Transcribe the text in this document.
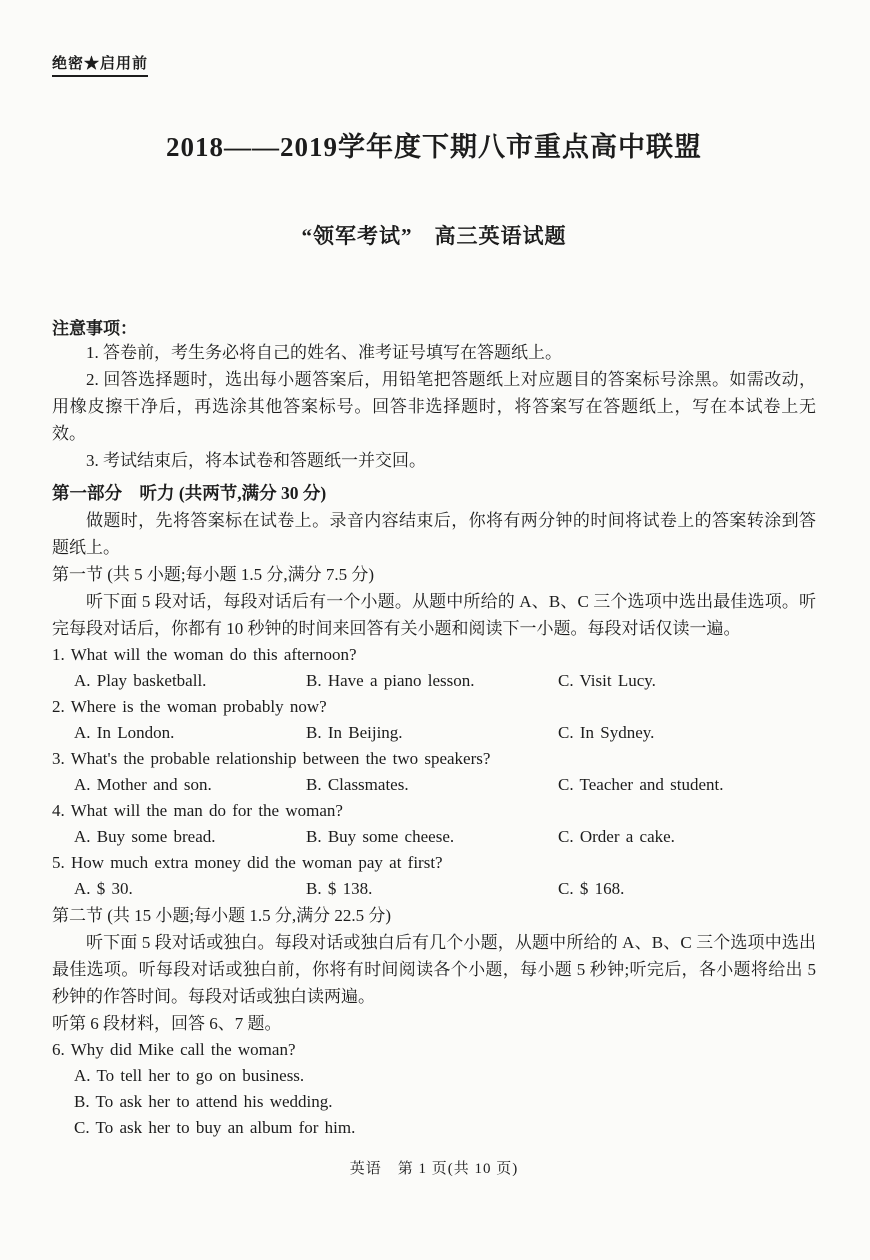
绝密★启用前
2018——2019学年度下期八市重点高中联盟
“领军考试”　高三英语试题
注意事项：

1. 答卷前，考生务必将自己的姓名、准考证号填写在答题纸上。

2. 回答选择题时，选出每小题答案后，用铅笔把答题纸上对应题目的答案标号涂黑。如需改动，用橡皮擦干净后，再选涂其他答案标号。回答非选择题时，将答案写在答题纸上，写在本试卷上无效。

3. 考试结束后，将本试卷和答题纸一并交回。

第一部分　听力 (共两节,满分 30 分)

做题时，先将答案标在试卷上。录音内容结束后，你将有两分钟的时间将试卷上的答案转涂到答题纸上。

第一节 (共 5 小题;每小题 1.5 分,满分 7.5 分)

听下面 5 段对话，每段对话后有一个小题。从题中所给的 A、B、C 三个选项中选出最佳选项。听完每段对话后，你都有 10 秒钟的时间来回答有关小题和阅读下一小题。每段对话仅读一遍。

1. What will the woman do this afternoon?
A. Play basketball.	B. Have a piano lesson.	C. Visit Lucy.
2. Where is the woman probably now?
A. In London.	B. In Beijing.	C. In Sydney.
3. What's the probable relationship between the two speakers?
A. Mother and son.	B. Classmates.	C. Teacher and student.
4. What will the man do for the woman?
A. Buy some bread.	B. Buy some cheese.	C. Order a cake.
5. How much extra money did the woman pay at first?
A. $ 30.	B. $ 138.	C. $ 168.
第二节 (共 15 小题;每小题 1.5 分,满分 22.5 分)

听下面 5 段对话或独白。每段对话或独白后有几个小题，从题中所给的 A、B、C 三个选项中选出最佳选项。听每段对话或独白前，你将有时间阅读各个小题，每小题 5 秒钟;听完后，各小题将给出 5 秒钟的作答时间。每段对话或独白读两遍。

听第 6 段材料，回答 6、7 题。
6. Why did Mike call the woman?
A. To tell her to go on business.
B. To ask her to attend his wedding.
C. To ask her to buy an album for him.
英语　第 1 页(共 10 页)
